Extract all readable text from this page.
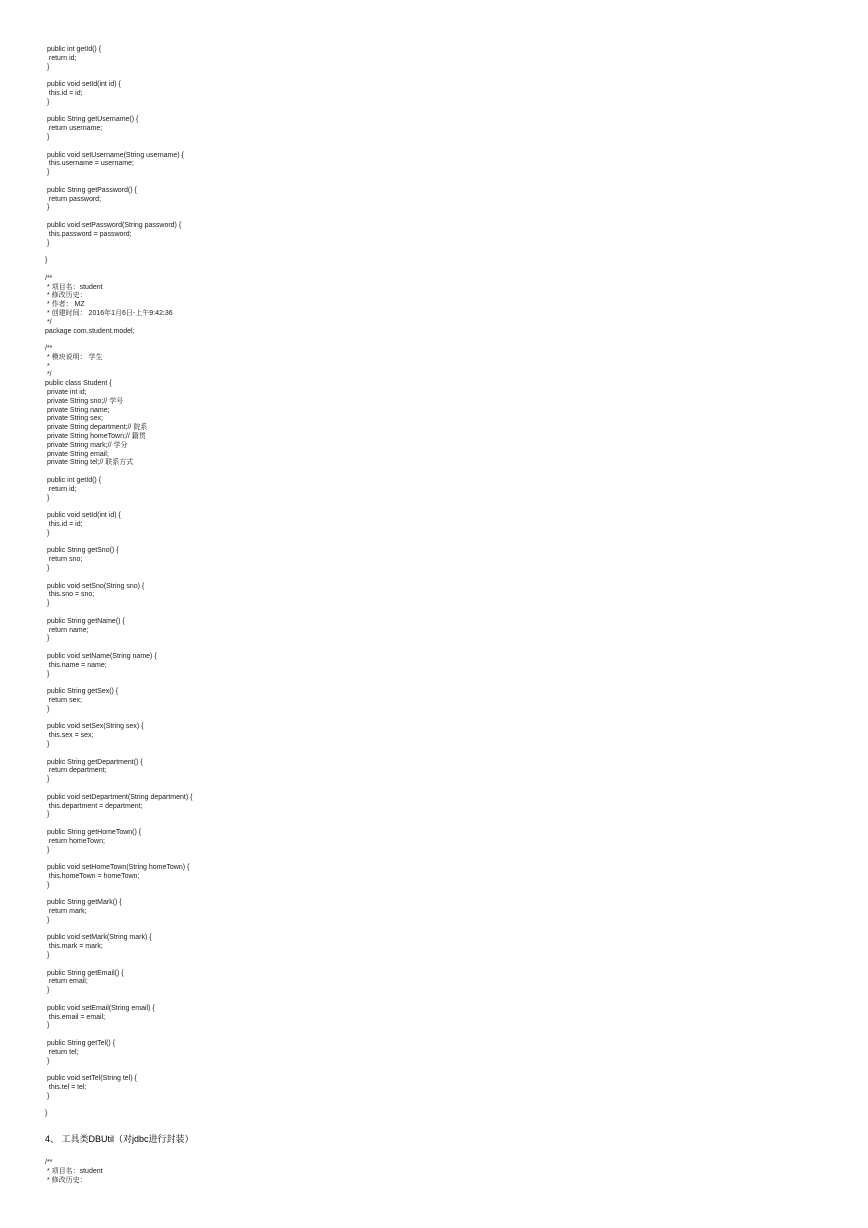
public int getId() {
return id;
}
public void setId(int id) {
this.id = id;
}
public String getUsername() {
return username;
}
public void setUsername(String username) {
this.username = username;
}
public String getPassword() {
return password;
}
public void setPassword(String password) {
this.password = password;
}
}
/**
* 项目名：student
* 修改历史：
* 作者： MZ
* 创建时间： 2016年1月6日-上午9:42:36
*/
package com.student.model;
/**
* 模块说明： 学生
*
*/
public class Student {
private int id;
private String sno;// 学号
private String name;
private String sex;
private String department;// 院系
private String homeTown;// 籍贯
private String mark;// 学分
private String email;
private String tel;// 联系方式
public int getId() {
return id;
}
public void setId(int id) {
this.id = id;
}
public String getSno() {
return sno;
}
public void setSno(String sno) {
this.sno = sno;
}
public String getName() {
return name;
}
public void setName(String name) {
this.name = name;
}
public String getSex() {
return sex;
}
public void setSex(String sex) {
this.sex = sex;
}
public String getDepartment() {
return department;
}
public void setDepartment(String department) {
this.department = department;
}
public String getHomeTown() {
return homeTown;
}
public void setHomeTown(String homeTown) {
this.homeTown = homeTown;
}
public String getMark() {
return mark;
}
public void setMark(String mark) {
this.mark = mark;
}
public String getEmail() {
return email;
}
public void setEmail(String email) {
this.email = email;
}
public String getTel() {
return tel;
}
public void setTel(String tel) {
this.tel = tel;
}
}
4、 工具类DBUtil（对jdbc进行封装）
/**
* 项目名：student
* 修改历史：
